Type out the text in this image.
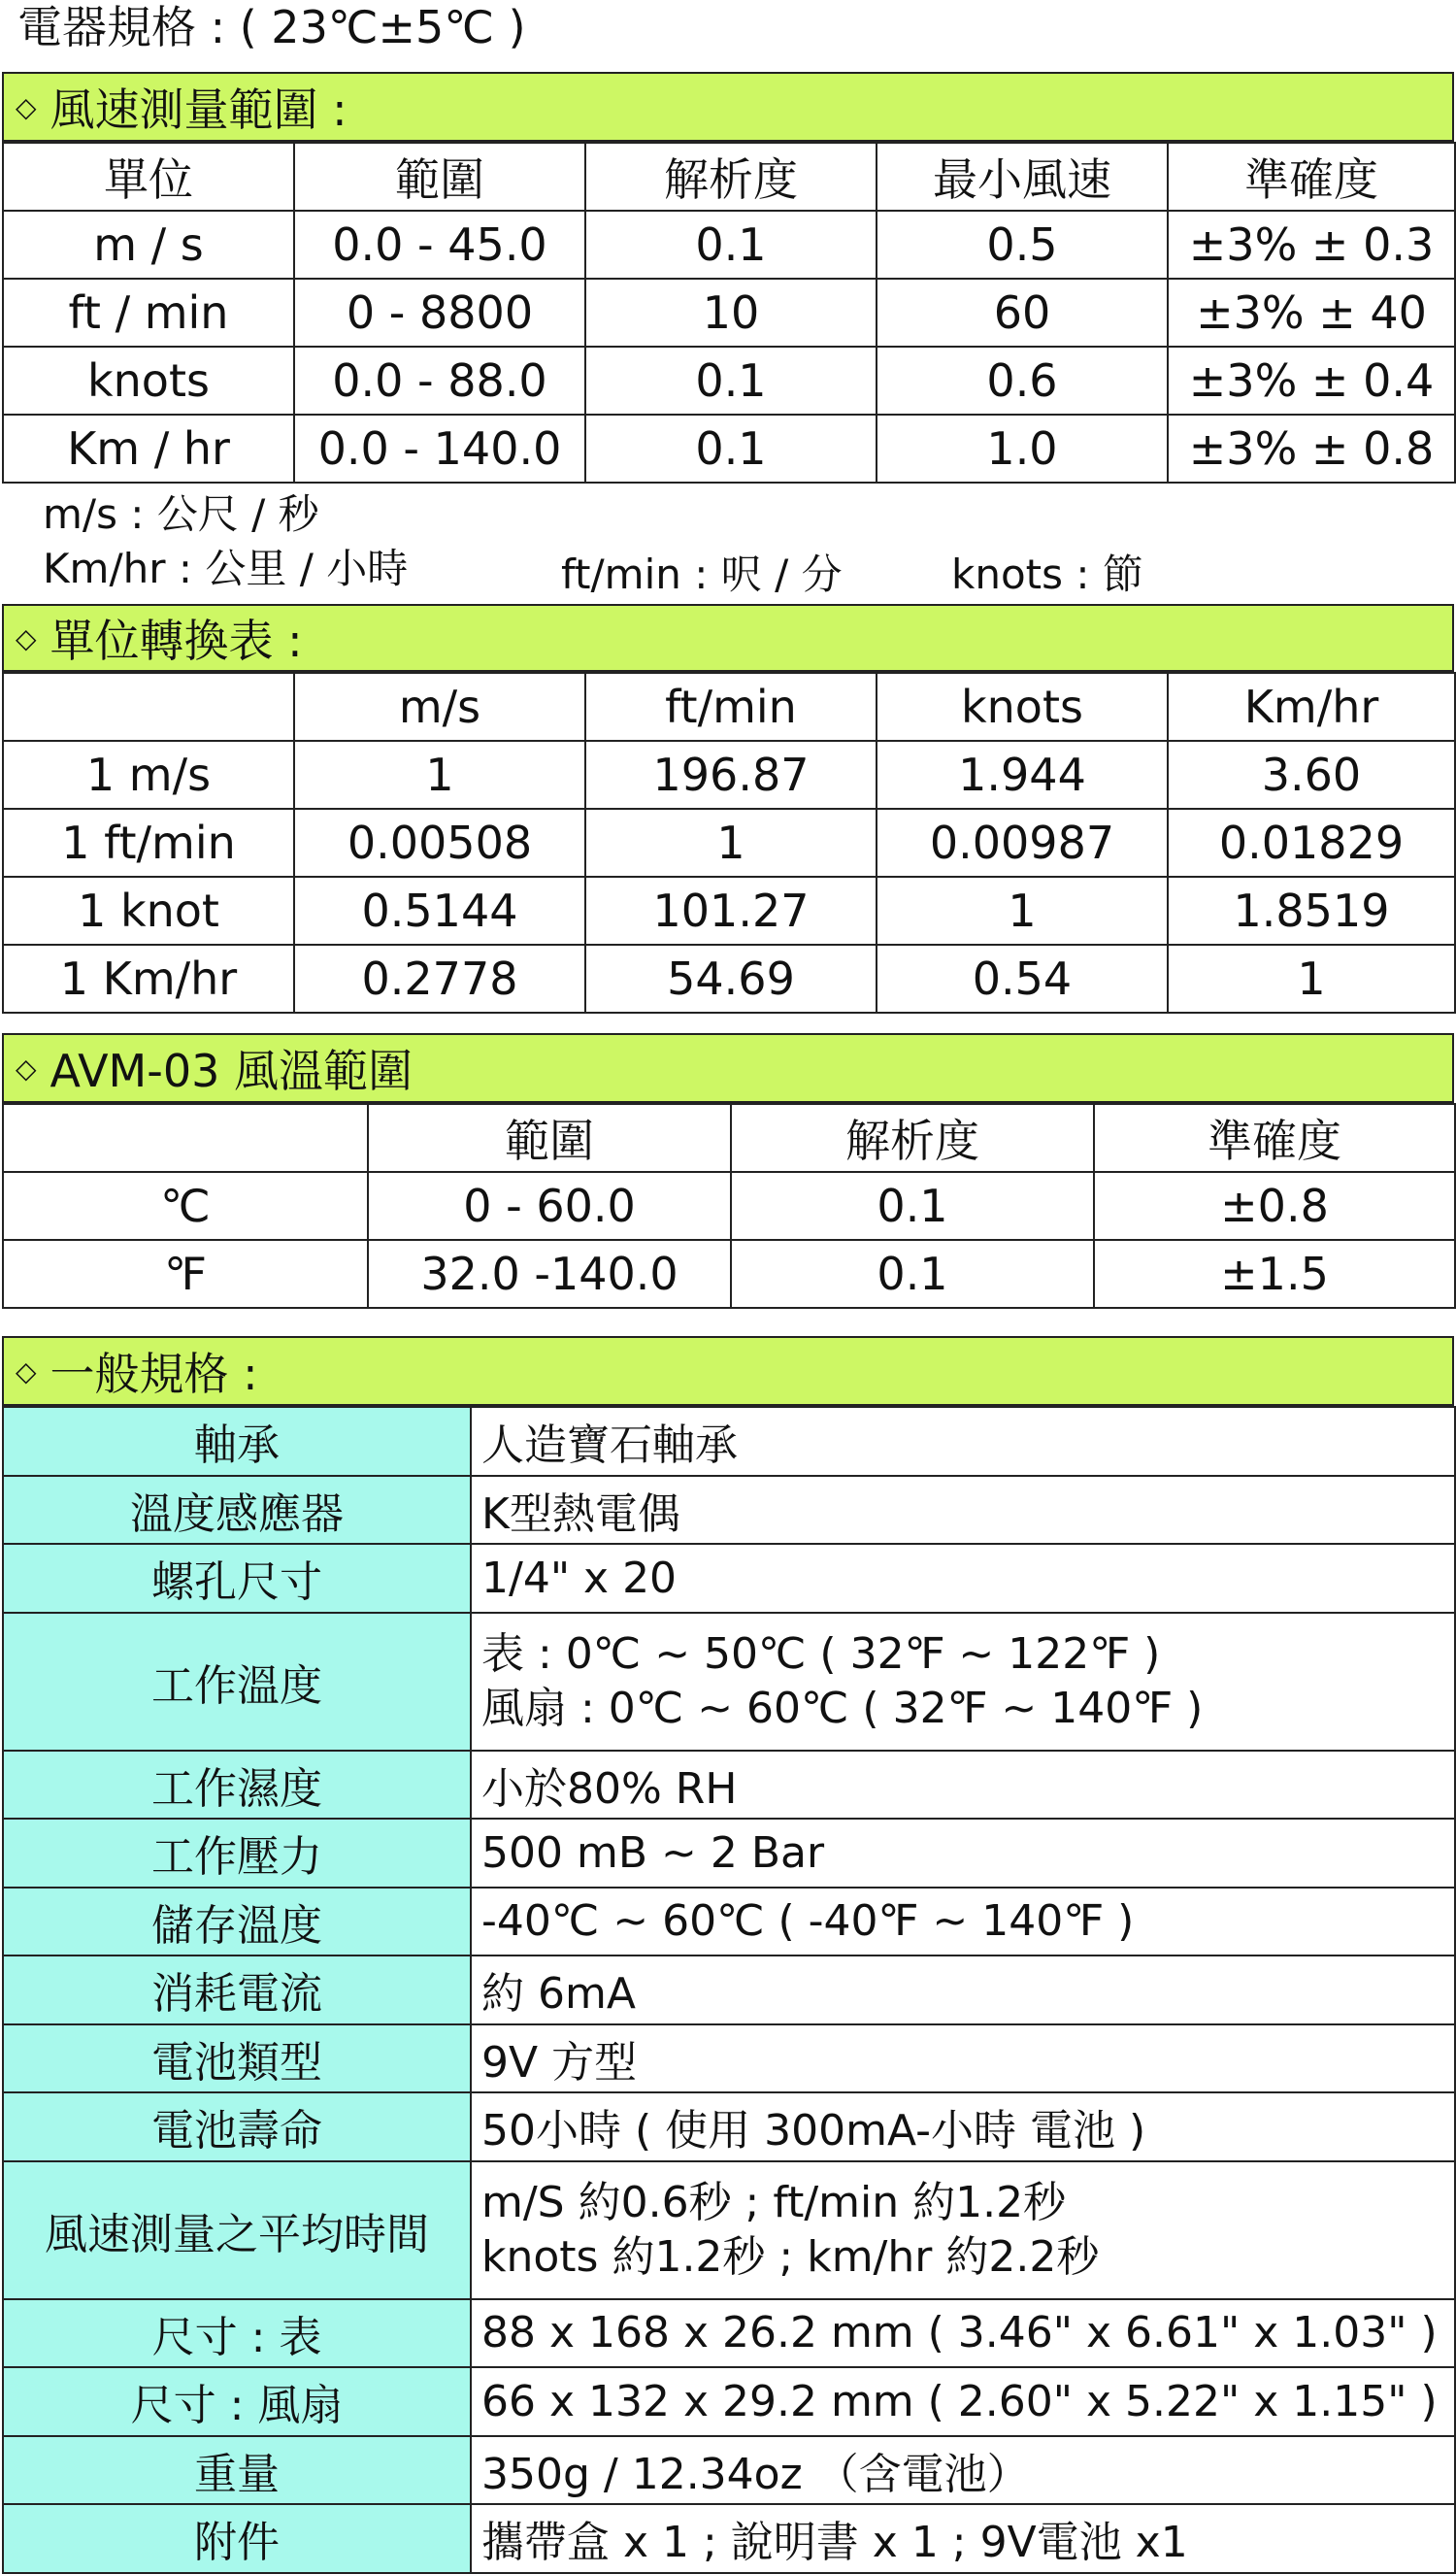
電器規格 : ( 23℃±5℃ )
◇ 風速測量範圍 :
單位	範圍	解析度	最小風速	準確度
m / s	0.0 - 45.0	0.1	0.5	±3% ± 0.3
ft / min	0 - 8800	10	60	±3% ± 40
knots	0.0 - 88.0	0.1	0.6	±3% ± 0.4
Km / hr	0.0 - 140.0	0.1	1.0	±3% ± 0.8
m/s : 公尺 / 秒
Km/hr : 公里 / 小時	ft/min : 呎 / 分	knots : 節
◇ 單位轉換表 :
	m/s	ft/min	knots	Km/hr
1 m/s	1	196.87	1.944	3.60
1 ft/min	0.00508	1	0.00987	0.01829
1 knot	0.5144	101.27	1	1.8519
1 Km/hr	0.2778	54.69	0.54	1
◇ AVM-03 風溫範圍
	範圍	解析度	準確度
℃	0 - 60.0	0.1	±0.8
℉	32.0 -140.0	0.1	±1.5
◇ 一般規格 :
軸承	人造寶石軸承

溫度感應器	K型熱電偶

螺孔尺寸	1/4" x 20

工作溫度	表 : 0℃ ~ 50℃ ( 32℉ ~ 122℉ )
風扇 : 0℃ ~ 60℃ ( 32℉ ~ 140℉ )

工作濕度	小於80% RH

工作壓力	500 mB ~ 2 Bar

儲存溫度	-40℃ ~ 60℃ ( -40℉ ~ 140℉ )

消耗電流	約 6mA

電池類型	9V 方型

電池壽命	50小時 ( 使用 300mA-小時 電池 )

風速測量之平均時間	m/S 約0.6秒 ; ft/min 約1.2秒
knots 約1.2秒 ; km/hr 約2.2秒

尺寸 : 表	88 x 168 x 26.2 mm ( 3.46" x 6.61" x 1.03" )

尺寸 : 風扇	66 x 132 x 29.2 mm ( 2.60" x 5.22" x 1.15" )

重量	350g / 12.34oz （含電池）

附件	攜帶盒 x 1 ; 說明書 x 1 ; 9V電池 x1
